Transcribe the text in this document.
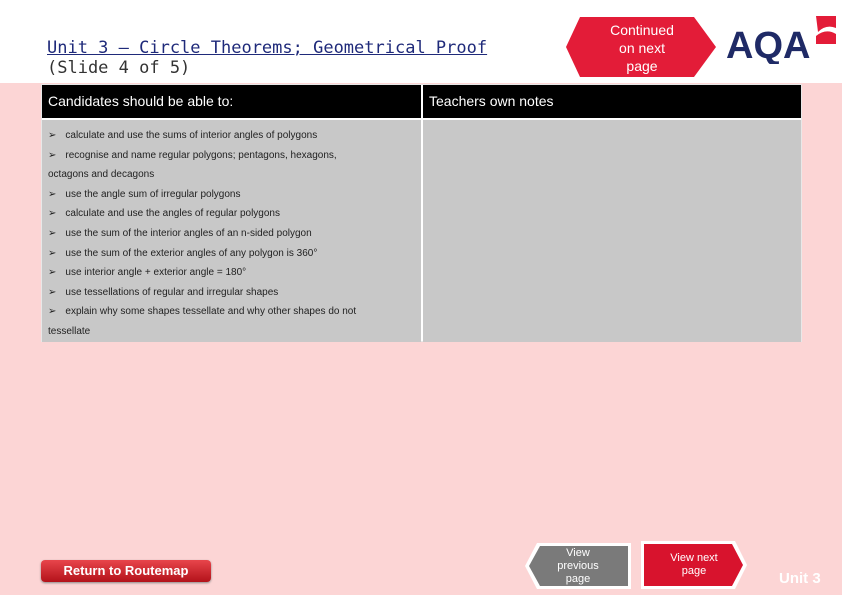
Unit 3 – Circle Theorems; Geometrical Proof
(Slide 4 of 5)
Continued
on next
page	AQA
Candidates should be able to:	Teachers own notes
➢ calculate and use the sums of interior angles of polygons
➢ recognise and name regular polygons; pentagons, hexagons,
octagons and decagons
➢ use the angle sum of irregular polygons
➢ calculate and use the angles of regular polygons
➢ use the sum of the interior angles of an n-sided polygon
➢ use the sum of the exterior angles of any polygon is 360°
➢ use interior angle + exterior angle = 180°
➢ use tessellations of regular and irregular shapes
➢ explain why some shapes tessellate and why other shapes do not
tessellate
Return to Routemap
View
previous
page
View next
page	Unit 3
